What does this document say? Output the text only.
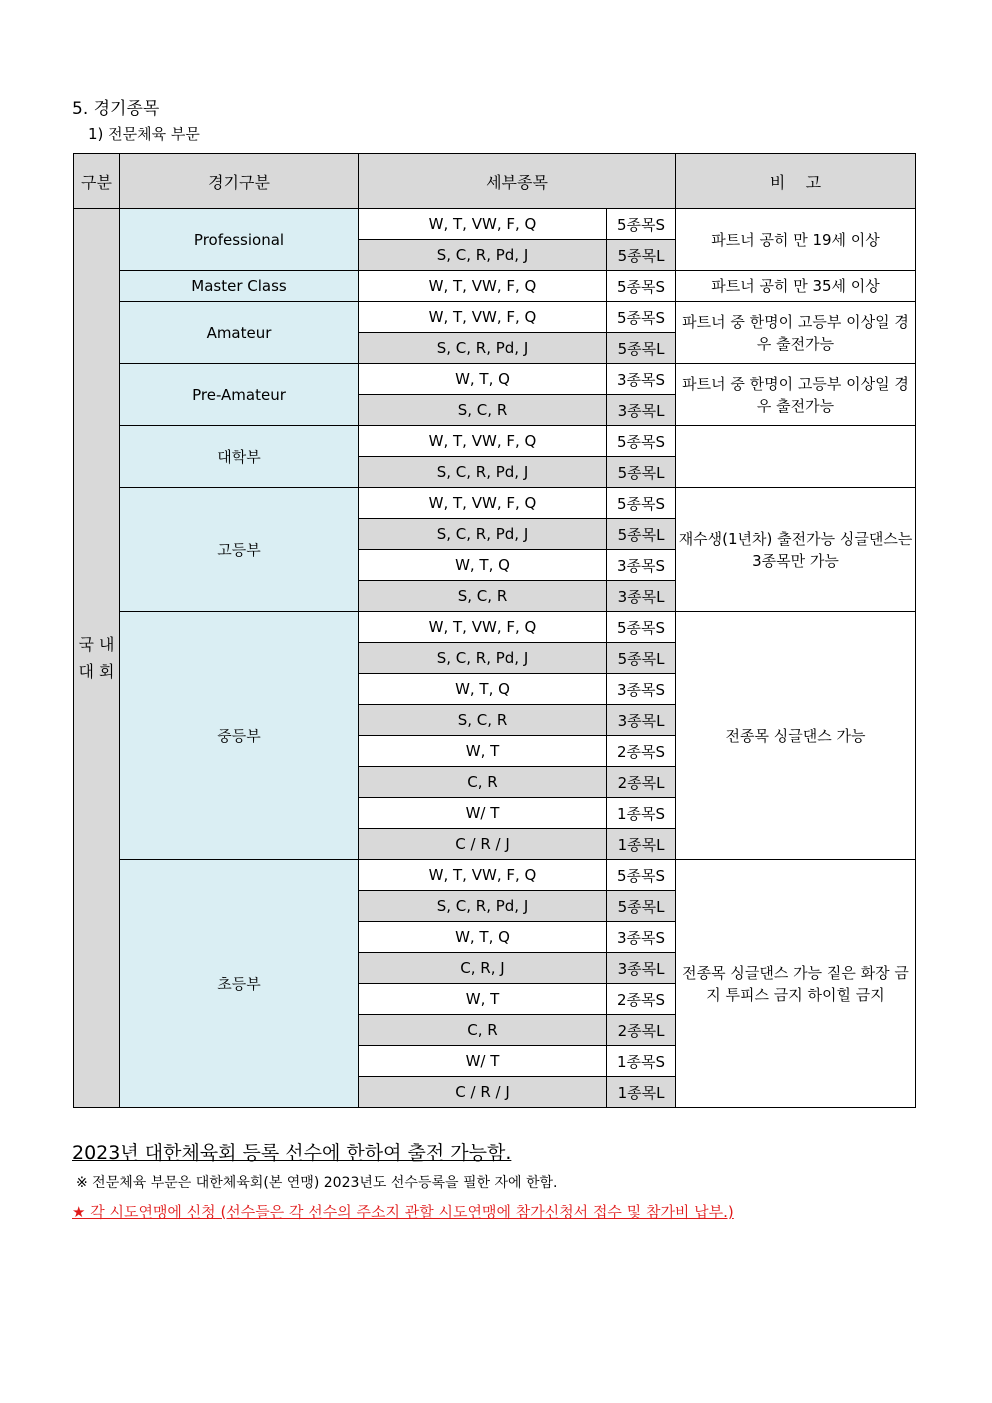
5. 경기종목
1) 전문체육 부문
구분	경기구분	세부종목		비    고
국 내 대 회	Professional	W, T, VW, F, Q	5종목S	파트너 공히 만 19세 이상
		S, C, R, Pd, J	5종목L	
	Master Class	W, T, VW, F, Q	5종목S	파트너 공히 만 35세 이상
	Amateur	W, T, VW, F, Q	5종목S	파트너 중 한명이 고등부 이상일 경우 출전가능
		S, C, R, Pd, J	5종목L	
	Pre-Amateur	W, T, Q	3종목S	파트너 중 한명이 고등부 이상일 경우 출전가능
		S, C, R	3종목L	
	대학부	W, T, VW, F, Q	5종목S	
		S, C, R, Pd, J	5종목L	
	고등부	W, T, VW, F, Q	5종목S	재수생(1년차) 출전가능 싱글댄스는 3종목만 가능
		S, C, R, Pd, J	5종목L	
		W, T, Q	3종목S	
		S, C, R	3종목L	
	중등부	W, T, VW, F, Q	5종목S	전종목 싱글댄스 가능
		S, C, R, Pd, J	5종목L	
		W, T, Q	3종목S	
		S, C, R	3종목L	
		W, T	2종목S	
		C, R	2종목L	
		W/ T	1종목S	
		C / R / J	1종목L	
	초등부	W, T, VW, F, Q	5종목S	전종목 싱글댄스 가능 짙은 화장 금지 투피스 금지 하이힐 금지
		S, C, R, Pd, J	5종목L	
		W, T, Q	3종목S	
		C, R, J	3종목L	
		W, T	2종목S	
		C, R	2종목L	
		W/ T	1종목S	
		C / R / J	1종목L	
2023년 대한체육회 등록 선수에 한하여 출전 가능함.
※ 전문체육 부문은 대한체육회(본 연맹) 2023년도 선수등록을 필한 자에 한함.
★ 각 시도연맹에 신청 (선수들은 각 선수의 주소지 관할 시도연맹에 참가신청서 접수 및 참가비 납부.)
